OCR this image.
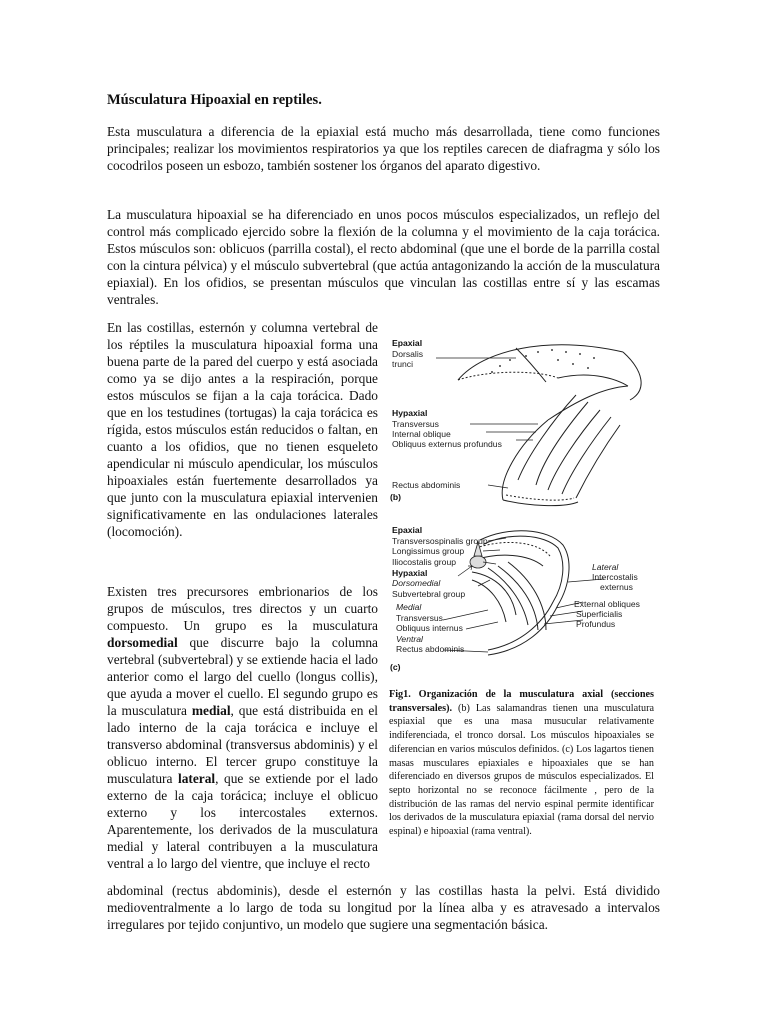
Músculatura Hipoaxial en reptiles.

Esta musculatura a diferencia de la epiaxial está mucho más desarrollada, tiene como funciones principales; realizar los movimientos respiratorios ya que los reptiles carecen de diafragma y sólo los cocodrilos poseen un esbozo, también sostener los órganos del aparato digestivo.

La musculatura hipoaxial se ha diferenciado en unos pocos músculos especializados, un reflejo del control más complicado ejercido sobre la flexión de la columna y el movimiento de la caja torácica. Estos músculos son: oblicuos (parrilla costal), el recto abdominal (que une el borde de la parrilla costal con la cintura pélvica) y el músculo subvertebral (que actúa antagonizando la acción de la musculatura epiaxial). En los ofidios, se presentan músculos que vinculan las costillas entre sí y las escamas ventrales.

En las costillas, esternón y columna vertebral de los réptiles la musculatura hipoaxial forma una buena parte de la pared del cuerpo y está asociada como ya se dijo antes a la respiración, porque estos músculos se fijan a la caja torácica. Dado que en los testudines (tortugas) la caja torácica es rígida, estos músculos están reducidos o faltan, en cuanto a los ofidios, que no tienen esqueleto apendicular ni músculo apendicular, los músculos hipoaxiales están fuertemente desarrollados ya que junto con la musculatura epiaxial intervenien significativamente en las ondulaciones laterales (locomoción).

Existen tres precursores embrionarios de los grupos de músculos, tres directos y un cuarto compuesto. Un grupo es la musculatura dorsomedial que discurre bajo la columna vertebral (subvertebral) y se extiende hacia el lado anterior como el largo del cuello (longus collis), que ayuda a mover el cuello. El segundo grupo es la musculatura medial, que está distribuida en el lado interno de la caja torácica e incluye el transverso abdominal (transversus abdominis) y el oblicuo interno. El tercer grupo constituye la musculatura lateral, que se extiende por el lado externo de la caja torácica; incluye el oblicuo externo y los intercostales externos. Aparentemente, los derivados de la musculatura medial y lateral contribuyen a la musculatura ventral a lo largo del vientre, que incluye el recto

abdominal (rectus abdominis), desde el esternón y las costillas hasta la pelvi. Está dividido medioventralmente a lo largo de toda su longitud por la línea alba y es atravesado a intervalos irregulares por tejido conjuntivo, un modelo que sugiere una segmentación básica.

Epaxial
Dorsalis
trunci
Hypaxial
Transversus
Internal oblique
Obliquus externus profundus
Rectus abdominis
(b)
Epaxial
Transversospinalis group
Longissimus group
Iliocostalis group
Hypaxial
Dorsomedial
Subvertebral group
Medial
Transversus
Obliquus internus
Ventral
Rectus abdominis
(c)
Lateral
Intercostalis
externus
External obliques
Superficialis
Profundus

Fig1. Organización de la musculatura axial (secciones transversales). (b) Las salamandras tienen una musculatura espiaxial que es una masa musucular relativamente indiferenciada, el tronco dorsal. Los músculos hipoaxiales se diferencian en varios músculos definidos. (c) Los lagartos tienen masas musculares epiaxiales e hipoaxiales que se han diferenciado en diversos grupos de músculos especializados. El septo horizontal no se reconoce fácilmente , pero de la distribución de las ramas del nervio espinal permite identificar los derivados de la musculatura epiaxial (rama dorsal del nervio espinal) e hipoaxial (rama ventral).
